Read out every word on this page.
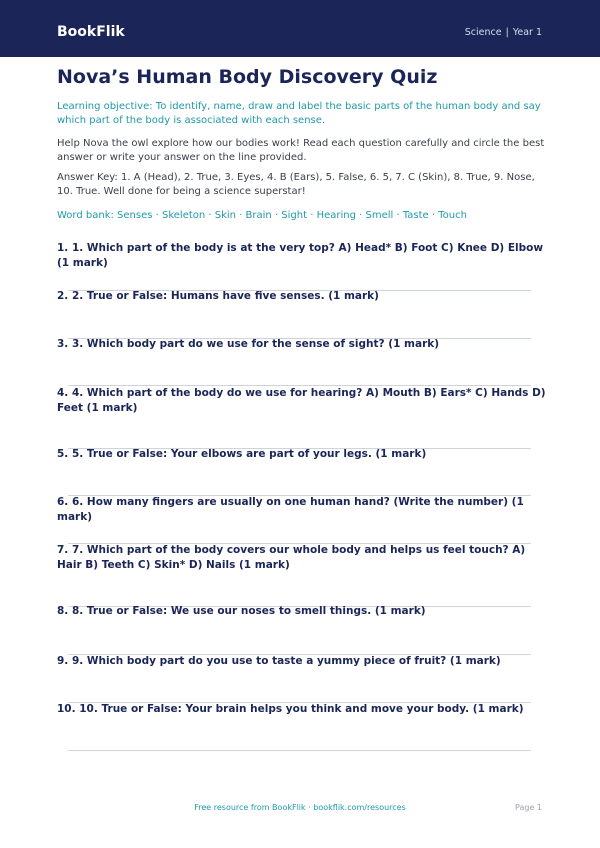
BookFlik	Science | Year 1
Nova’s Human Body Discovery Quiz
Learning objective: To identify, name, draw and label the basic parts of the human body and say which part of the body is associated with each sense.
Help Nova the owl explore how our bodies work! Read each question carefully and circle the best answer or write your answer on the line provided.
Answer Key: 1. A (Head), 2. True, 3. Eyes, 4. B (Ears), 5. False, 6. 5, 7. C (Skin), 8. True, 9. Nose, 10. True. Well done for being a science superstar!
Word bank: Senses · Skeleton · Skin · Brain · Sight · Hearing · Smell · Taste · Touch
1. 1. Which part of the body is at the very top? A) Head* B) Foot C) Knee D) Elbow (1 mark)
2. 2. True or False: Humans have five senses. (1 mark)
3. 3. Which body part do we use for the sense of sight? (1 mark)
4. 4. Which part of the body do we use for hearing? A) Mouth B) Ears* C) Hands D) Feet (1 mark)
5. 5. True or False: Your elbows are part of your legs. (1 mark)
6. 6. How many fingers are usually on one human hand? (Write the number) (1 mark)
7. 7. Which part of the body covers our whole body and helps us feel touch? A) Hair B) Teeth C) Skin* D) Nails (1 mark)
8. 8. True or False: We use our noses to smell things. (1 mark)
9. 9. Which body part do you use to taste a yummy piece of fruit? (1 mark)
10. 10. True or False: Your brain helps you think and move your body. (1 mark)
Free resource from BookFlik · bookflik.com/resources	Page 1
